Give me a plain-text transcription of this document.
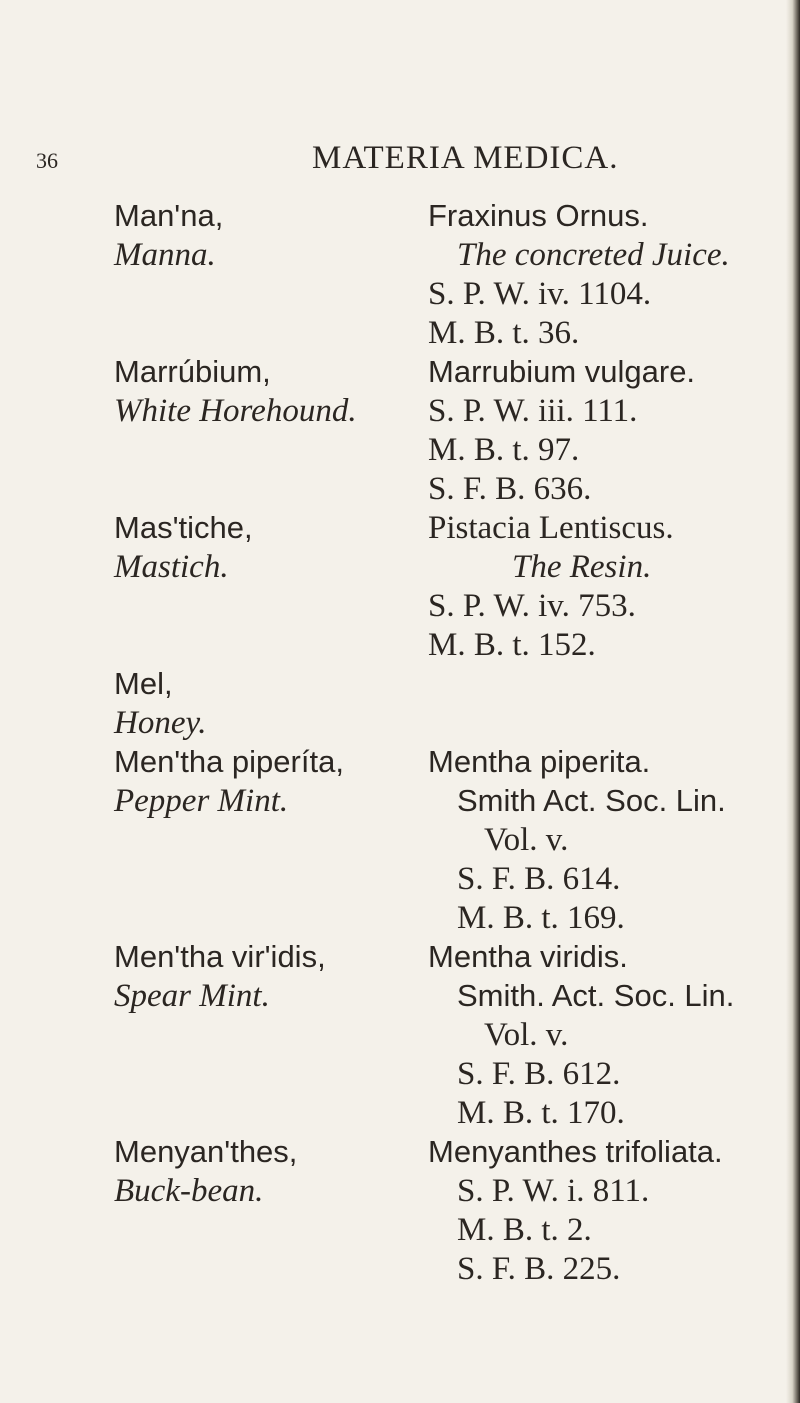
36	MATERIA MEDICA.
Man'na,
Manna.
Fraxinus Ornus.
The concreted Juice.
S. P. W. iv. 1104.
M. B. t. 36.
Marrúbium,
White Horehound.
Marrubium vulgare.
S. P. W. iii. 111.
M. B. t. 97.
S. F. B. 636.
Mas'tiche,
Mastich.
Pistacia Lentiscus.
The Resin.
S. P. W. iv. 753.
M. B. t. 152.
Mel,
Honey.
Men'tha piperíta,
Pepper Mint.
Mentha piperita.
Smith Act. Soc. Lin.
Vol. v.
S. F. B. 614.
M. B. t. 169.
Men'tha vir'idis,
Spear Mint.
Mentha viridis.
Smith. Act. Soc. Lin.
Vol. v.
S. F. B. 612.
M. B. t. 170.
Menyan'thes,
Buck-bean.
Menyanthes trifoliata.
S. P. W. i. 811.
M. B. t. 2.
S. F. B. 225.
